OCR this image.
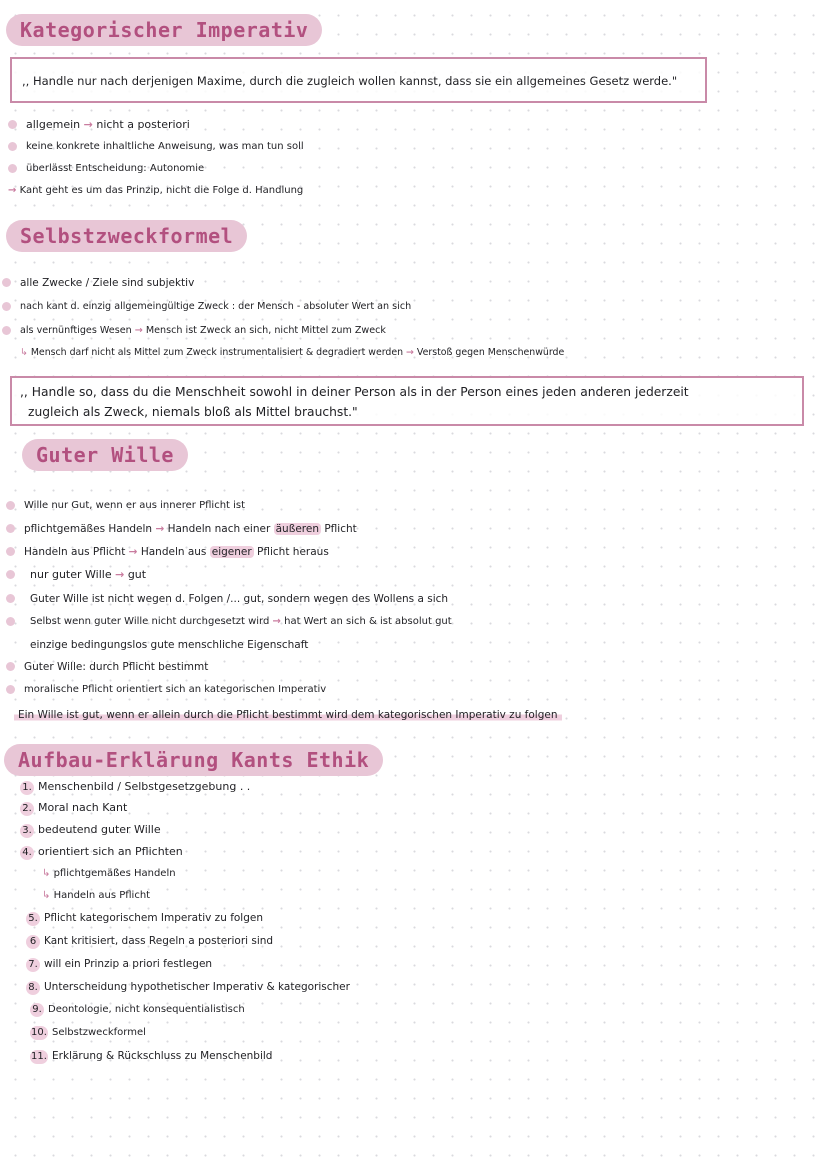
Kategorischer Imperativ
,, Handle nur nach derjenigen Maxime, durch die zugleich wollen kannst, dass sie ein allgemeines Gesetz werde."
allgemein → nicht a posteriori
keine konkrete inhaltliche Anweisung, was man tun soll
überlässt Entscheidung: Autonomie
→ Kant geht es um das Prinzip, nicht die Folge d. Handlung
Selbstzweckformel
alle Zwecke / Ziele sind subjektiv
nach kant d. einzig allgemeingültige Zweck : der Mensch - absoluter Wert an sich
als vernünftiges Wesen → Mensch ist Zweck an sich, nicht Mittel zum Zweck
↳ Mensch darf nicht als Mittel zum Zweck instrumentalisiert & degradiert werden → Verstoß gegen Menschenwürde
,, Handle so, dass du die Menschheit sowohl in deiner Person als in der Person eines jeden anderen jederzeit
zugleich als Zweck, niemals bloß als Mittel brauchst."
Guter Wille
Wille nur Gut, wenn er aus innerer Pflicht ist
pflichtgemäßes Handeln → Handeln nach einer äußeren Pflicht
Handeln aus Pflicht → Handeln aus eigener Pflicht heraus
nur guter Wille → gut
Guter Wille ist nicht wegen d. Folgen /... gut, sondern wegen des Wollens a sich
Selbst wenn guter Wille nicht durchgesetzt wird → hat Wert an sich & ist absolut gut
einzige bedingungslos gute menschliche Eigenschaft
Guter Wille: durch Pflicht bestimmt
moralische Pflicht orientiert sich an kategorischen Imperativ
Ein Wille ist gut, wenn er allein durch die Pflicht bestimmt wird dem kategorischen Imperativ zu folgen
Aufbau-Erklärung Kants Ethik
1. Menschenbild / Selbstgesetzgebung . .
2. Moral nach Kant
3. bedeutend guter Wille
4. orientiert sich an Pflichten
↳ pflichtgemäßes Handeln
↳ Handeln aus Pflicht
5. Pflicht kategorischem Imperativ zu folgen
6 Kant kritisiert, dass Regeln a posteriori sind
7. will ein Prinzip a priori festlegen
8. Unterscheidung hypothetischer Imperativ & kategorischer
9. Deontologie, nicht konsequentialistisch
10. Selbstzweckformel
11. Erklärung & Rückschluss zu Menschenbild
